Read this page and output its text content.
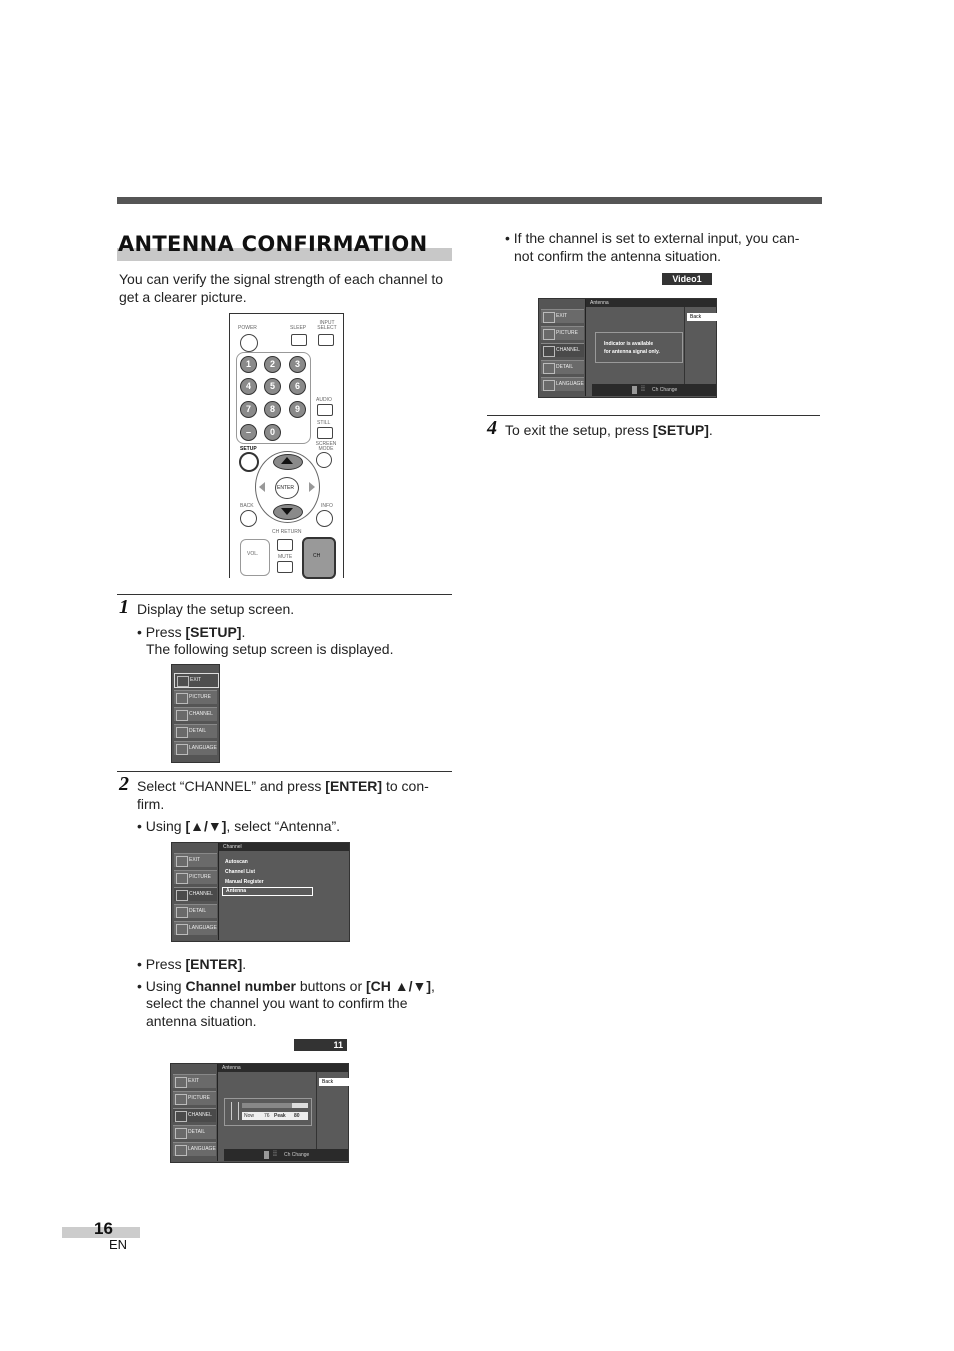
ANTENNA CONFIRMATION
You can verify the signal strength of each channel to get a clearer picture.
POWER	SLEEP
INPUT SELECT
1	2	3
4	5	6
7	8	9
–	0
AUDIO
STILL
SETUP
SCREEN MODE
ENTER
BACK	INFO
CH RETURN
VOL.	MUTE	CH
1 Display the setup screen.
• Press [SETUP].
The following setup screen is displayed.
EXIT
PICTURE
CHANNEL
DETAIL
LANGUAGE
2 Select “CHANNEL” and press [ENTER] to con-
firm.
• Using [▲/▼], select “Antenna”.
EXIT
PICTURE
CHANNEL
DETAIL
LANGUAGE
Channel
Autoscan
Channel List
Manual Register
Antenna
• Press [ENTER].
• Using Channel number buttons or [CH ▲/▼],
select the channel you want to confirm the
antenna situation.
11
EXIT
PICTURE
CHANNEL
DETAIL
LANGUAGE
Antenna
Back
Now 76 Peak 80
⁞⁞ Ch Change
• If the channel is set to external input, you can-
not confirm the antenna situation.
Video1
EXIT
PICTURE
CHANNEL
DETAIL
LANGUAGE
Antenna
Back
Indicator is available
for antenna signal only.
⁞⁞ Ch Change
4 To exit the setup, press [SETUP].
16
EN
